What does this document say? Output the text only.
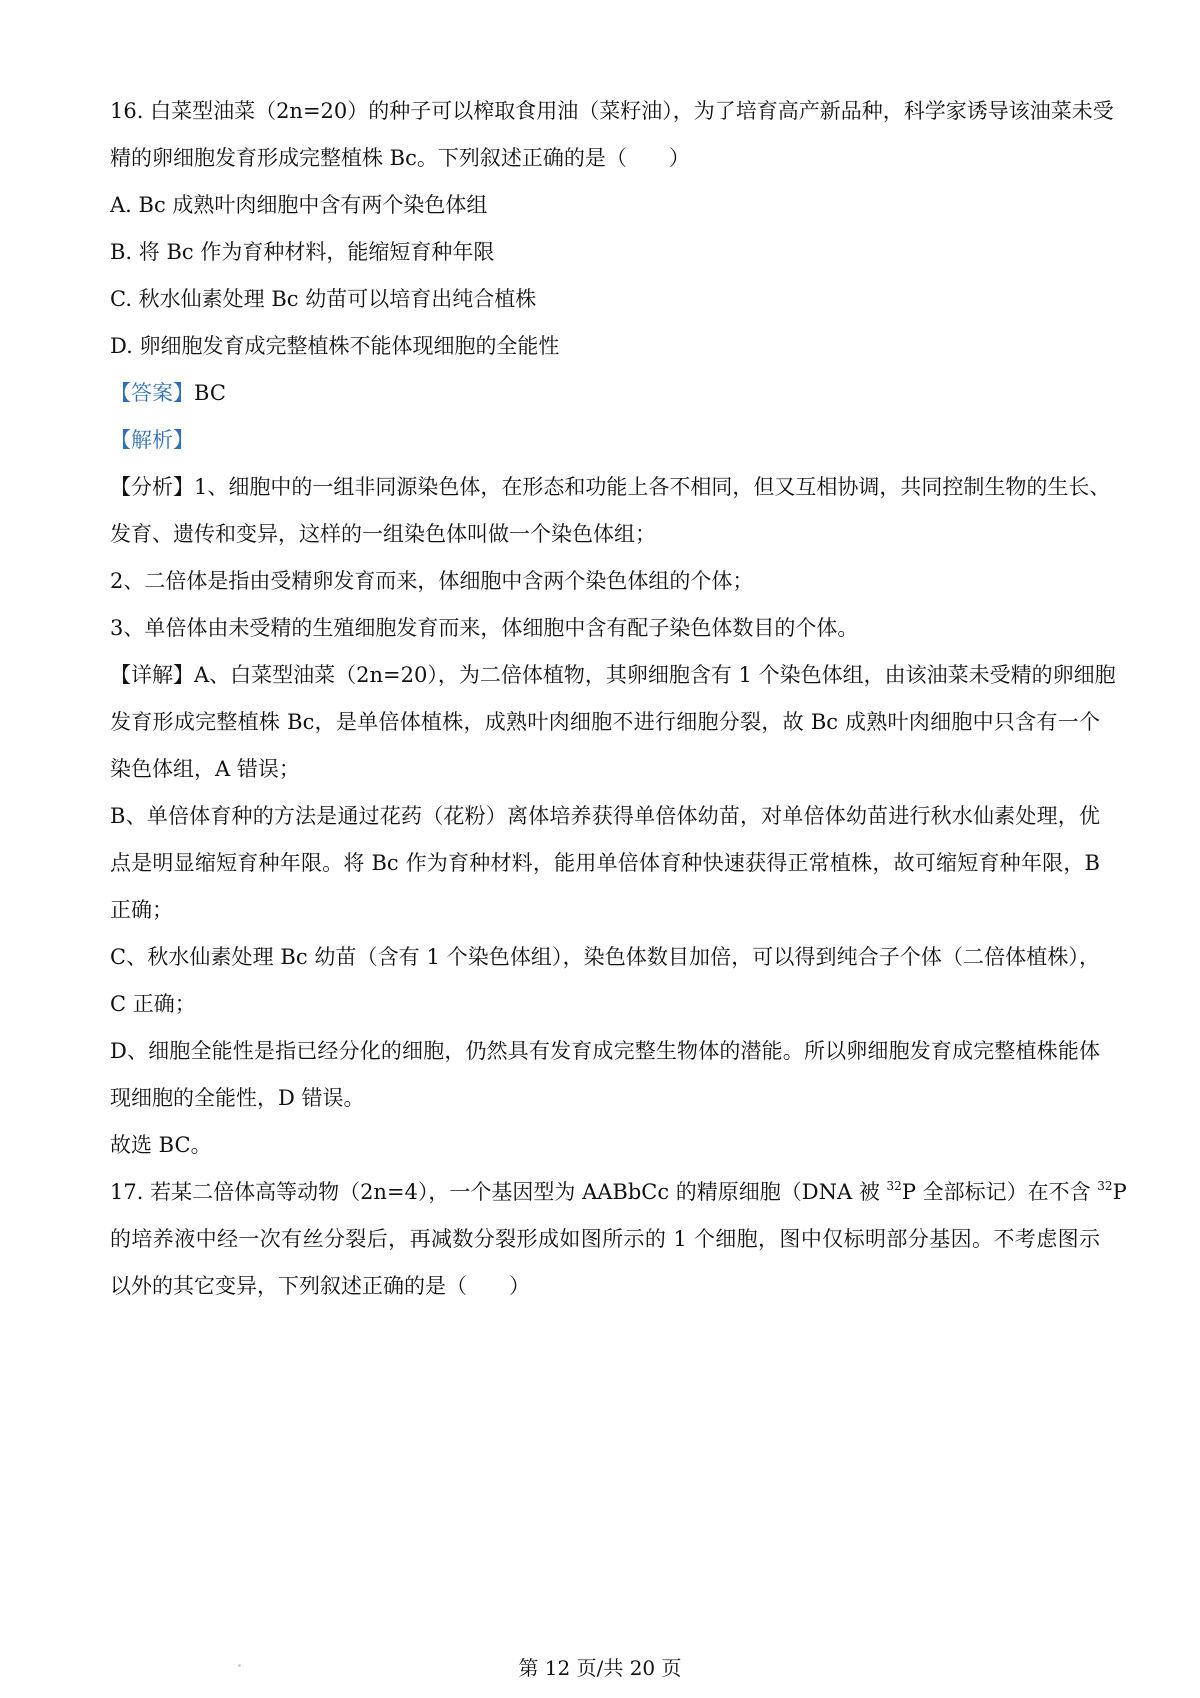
16. 白菜型油菜（2n=20）的种子可以榨取食用油（菜籽油），为了培育高产新品种，科学家诱导该油菜未受
精的卵细胞发育形成完整植株 Bc。下列叙述正确的是（　　）
A. Bc 成熟叶肉细胞中含有两个染色体组
B. 将 Bc 作为育种材料，能缩短育种年限
C. 秋水仙素处理 Bc 幼苗可以培育出纯合植株
D. 卵细胞发育成完整植株不能体现细胞的全能性
【答案】BC
【解析】
【分析】1、细胞中的一组非同源染色体，在形态和功能上各不相同，但又互相协调，共同控制生物的生长、
发育、遗传和变异，这样的一组染色体叫做一个染色体组；
2、二倍体是指由受精卵发育而来，体细胞中含两个染色体组的个体；
3、单倍体由未受精的生殖细胞发育而来，体细胞中含有配子染色体数目的个体。
【详解】A、白菜型油菜（2n=20），为二倍体植物，其卵细胞含有 1 个染色体组，由该油菜未受精的卵细胞
发育形成完整植株 Bc，是单倍体植株，成熟叶肉细胞不进行细胞分裂，故 Bc 成熟叶肉细胞中只含有一个
染色体组，A 错误；
B、单倍体育种的方法是通过花药（花粉）离体培养获得单倍体幼苗，对单倍体幼苗进行秋水仙素处理，优
点是明显缩短育种年限。将 Bc 作为育种材料，能用单倍体育种快速获得正常植株，故可缩短育种年限，B
正确；
C、秋水仙素处理 Bc 幼苗（含有 1 个染色体组），染色体数目加倍，可以得到纯合子个体（二倍体植株），
C 正确；
D、细胞全能性是指已经分化的细胞，仍然具有发育成完整生物体的潜能。所以卵细胞发育成完整植株能体
现细胞的全能性，D 错误。
故选 BC。
17. 若某二倍体高等动物（2n=4），一个基因型为 AABbCc 的精原细胞（DNA 被 $^{32}$P 全部标记）在不含 $^{32}$P
的培养液中经一次有丝分裂后，再减数分裂形成如图所示的 1 个细胞，图中仅标明部分基因。不考虑图示
以外的其它变异，下列叙述正确的是（　　）
第 12 页/共 20 页
